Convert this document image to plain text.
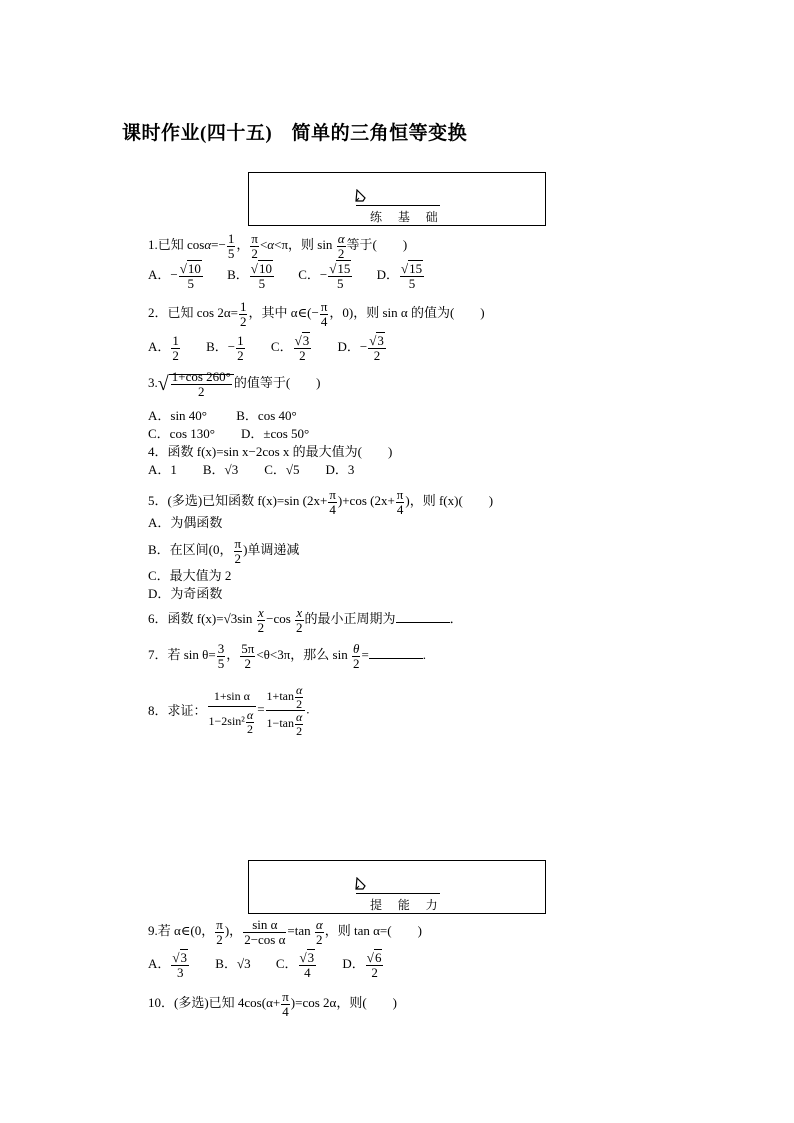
课时作业(四十五)　简单的三角恒等变换
练 基 础
1.已知 $\cos\alpha=- \frac{1}{5}$ ， $\frac{\pi}{2} <\alpha<\pi$，则 $\sin \frac{\alpha}{2}$ 等于(　　)
A．− $\frac{√10}{5}$ B． $\frac{√10}{5}$ C．− $\frac{√15}{5}$ D． $\frac{√15}{5}$
2．已知 $\cos 2\alpha= \frac{1}{2}$ ，其中 α∈(− $\frac{\pi}{4}$ ，0)，则 sin α 的值为(　　)
A． $\frac{1}{2}$ B．− $\frac{1}{2}$ C． $\frac{√3}{2}$ D．− $\frac{√3}{2}$
$3.√ \frac{1+\cos 260^\circ}{2}$ 的值等于(　　)
A．sin 40°　　 B．cos 40°
C．cos 130°　　D．±cos 50°
4．函数 f(x)=sin x−2cos x 的最大值为(　　)
A．1　　B．√3　　C．√5　　D．3
5．(多选)已知函数 f(x)=sin $(2x+ \frac{\pi}{4} )+\cos$ ($2x+ \frac{\pi}{4}$ )，则 f(x)(　　)
A．为偶函数
B．在区间(0， $\frac{\pi}{2}$ )单调递减
C．最大值为 2
D．为奇函数
6．函数 $f(x)=√3\sin \frac{x}{2} -\cos \frac{x}{2}$ 的最小正周期为	．
7．若 $\sin \theta= \frac{3}{5}$ ， $\frac{5\pi}{2} <\theta<3\pi$，那么 $\sin \frac{\theta}{2}$ =	.
8．求证： $\frac{\text{1+sin α}}{1-2\sin^2 \frac{\alpha}{2}} = \frac{1+\tan \frac{\alpha}{2}}{1-\tan \frac{\alpha}{2}}$ .
提 能 力
9.若 α∈(0， $\frac{\pi}{2}$ )， $\frac{\text{sin α}}{\text{2−cos α}} =\tan \frac{\alpha}{2}$ ，则 tan α=(　　)
A． $\frac{√3}{3}$ B．√3 C． $\frac{√3}{4}$ D． $\frac{√6}{2}$
10．(多选)已知 $4\cos(\alpha+ \frac{\pi}{4} )=\cos$ 2α，则(　　)
